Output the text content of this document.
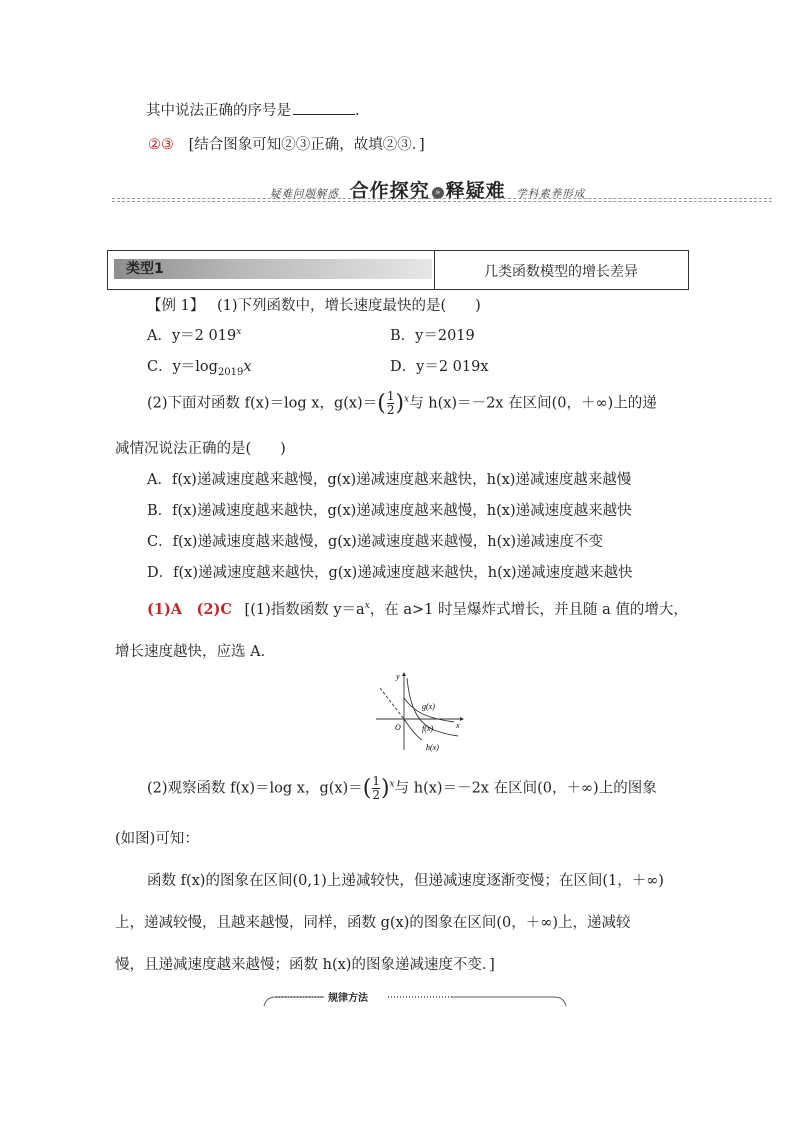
其中说法正确的序号是	.
②③ [结合图象可知②③正确，故填②③．]
疑难问题解惑 合作探究 » 释疑难 学科素养形成
类型1	几类函数模型的增长差异
【例 1】 (1)下列函数中，增长速度最快的是(　　)
A．y＝2 019$^x$	B．y＝2019
C．$y=\log_{2019}x$	D．y＝2 019x
(2)下面对函数 f(x)＝log x，$g(x)=( \frac{1}{2} )^x$与 h(x)＝－2x 在区间(0，＋∞)上的递
减情况说法正确的是(　　)
A．f(x)递减速度越来越慢，g(x)递减速度越来越快，h(x)递减速度越来越慢
B．f(x)递减速度越来越快，g(x)递减速度越来越慢，h(x)递减速度越来越快
C．f(x)递减速度越来越慢，g(x)递减速度越来越慢，h(x)递减速度不变
D．f(x)递减速度越来越快，g(x)递减速度越来越快，h(x)递减速度越来越快
(1)A　(2)C [(1)指数函数 $y=a^x$，在 a>1 时呈爆炸式增长，并且随 a 值的增大，
增长速度越快，应选 A．
y
x
O
g(x)
f(x)
h(x)
(2)观察函数 f(x)＝log x，$g(x)=( \frac{1}{2} )^x$与 h(x)＝－2x 在区间(0，＋∞)上的图象
(如图)可知：
函数 f(x)的图象在区间(0,1)上递减较快，但递减速度逐渐变慢；在区间(1，＋∞)
上，递减较慢，且越来越慢，同样，函数 g(x)的图象在区间(0，＋∞)上，递减较
慢，且递减速度越来越慢；函数 h(x)的图象递减速度不变．]
规律方法
